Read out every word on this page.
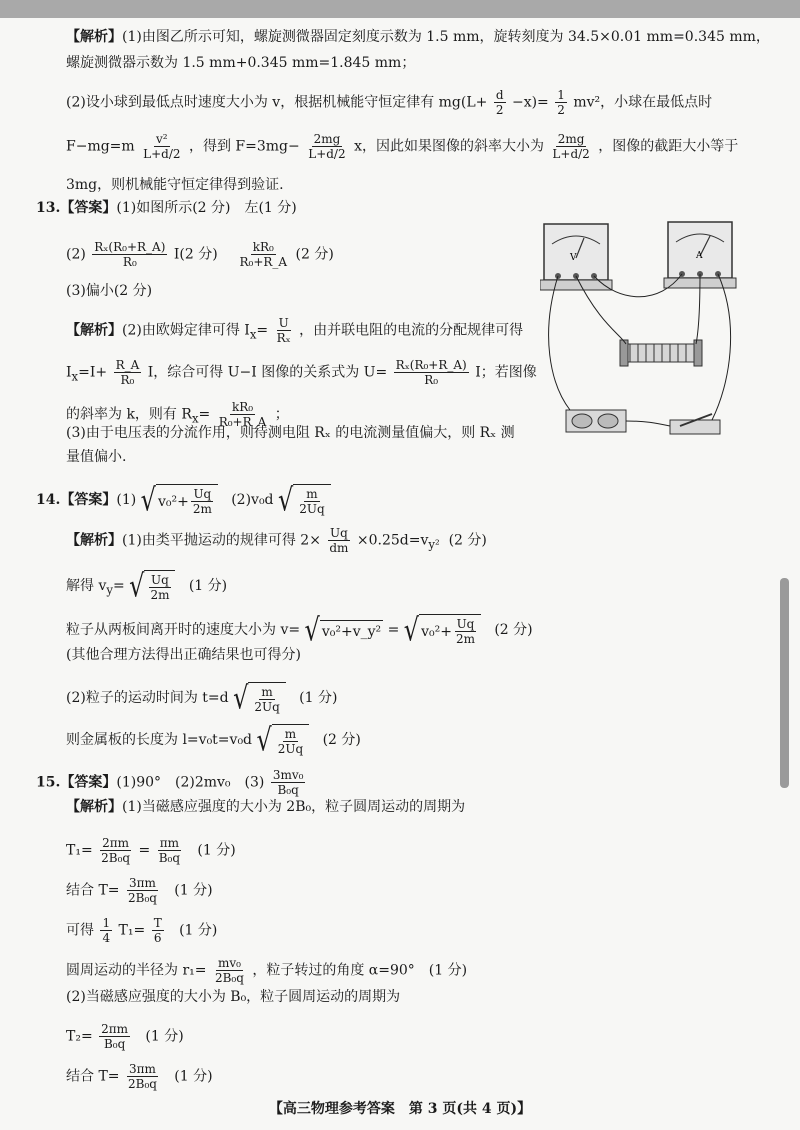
【解析】(1)由图乙所示可知，螺旋测微器固定刻度示数为 1.5 mm，旋转刻度为 34.5×0.01 mm=0.345 mm，
螺旋测微器示数为 1.5 mm+0.345 mm=1.845 mm；
(2)设小球到最低点时速度大小为 v，根据机械能守恒定律有 $mg(L+ \frac{d}{2} -x)= \frac{1}{2} mv^2$，小球在最低点时
$F-mg=m \frac{\text{v²}}{L+d/2}$ ，得到 $F=3mg- \frac{2mg}{L+d/2}$ x，因此如果图像的斜率大小为 $\frac{2mg}{L+d/2}$ ，图像的截距大小等于
3mg，则机械能守恒定律得到验证.
13.【答案】(1)如图所示(2 分)　左(1 分)
$(2) \frac{\text{Rₓ(R₀+R\_A)}}{\text{R₀}} I(2$ 分) $\frac{\text{kR₀}}{\text{R₀+R\_A}} (2$ 分)
(3)偏小(2 分)
【解析】(2)由欧姆定律可得 $I_x= \frac{U}{\text{Rₓ}}$ ，由并联电阻的电流的分配规律可得
$I_x=I+ \frac{R\_A}{\text{R₀}}$ I，综合可得 U−I 图像的关系式为 $U= \frac{\text{Rₓ(R₀+R\_A)}}{\text{R₀}}$ I；若图像
的斜率为 k，则有 $R_x= \frac{\text{kR₀}}{\text{R₀+R\_A}}$ ；
(3)由于电压表的分流作用，则待测电阻 Rₓ 的电流测量值偏大，则 Rₓ 测
量值偏小.
V	A
14.【答案】(1) √ $v_0^2+ \frac{Uq}{2m} (2)v_0d$ √ $\frac{m}{2Uq}$
【解析】(1)由类平抛运动的规律可得 $2\times \frac{Uq}{dm} \times 0.25d=v_{y^2}$ (2 分)
解得 $v_y=$ √ $\frac{Uq}{2m} (1$ 分)
粒子从两板间离开时的速度大小为 v= √ v₀²+v_y² = √ $v_0^2+ \frac{Uq}{2m} (2$ 分)
(其他合理方法得出正确结果也可得分)
(2)粒子的运动时间为 t=d √ $\frac{m}{2Uq} (1$ 分)
则金属板的长度为 l=v₀t=v₀d √ $\frac{m}{2Uq} (2$ 分)
15.【答案】(1)90°　(2)2mv₀　$(3) \frac{\text{3mv₀}}{\text{B₀q}}$
【解析】(1)当磁感应强度的大小为 2B₀，粒子圆周运动的周期为
$T_1= \frac{2\pi m}{\text{2B₀q}} = \frac{\pi m}{\text{B₀q}} (1$ 分)
结合 $T= \frac{3\pi m}{\text{2B₀q}} (1$ 分)
可得 $\frac{1}{4} T_1= \frac{T}{6} (1$ 分)
圆周运动的半径为 $r_1= \frac{\text{mv₀}}{\text{2B₀q}}$ ，粒子转过的角度 α=90°　(1 分)
(2)当磁感应强度的大小为 B₀，粒子圆周运动的周期为
$T_2= \frac{2\pi m}{\text{B₀q}} (1$ 分)
结合 $T= \frac{3\pi m}{\text{2B₀q}} (1$ 分)
【高三物理参考答案　第 3 页(共 4 页)】
